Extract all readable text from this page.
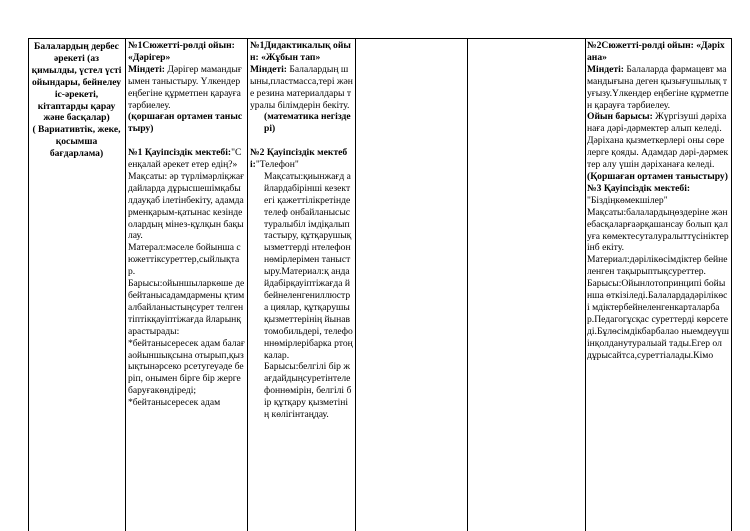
Балалардың дербес
әрекеті (аз
қимылды, үстел үсті
ойындары, бейнелеу
іс-әрекеті,
кітаптарды қарау
және басқалар)
( Вариативтік, жеке,
қосымша
бағдарлама)
№1Сюжетті-рөлді ойын: «Дәрігер»
Міндеті: Дәрігер мамандығымен таныстыру. Үлкендер еңбегіне құрметпен қарауға тәрбиелеу.
(қоршаған ортамен таныстыру)
№1 Қауіпсіздік мектебі:"Сенқалай әрекет етер едің?»
Мақсаты: әр түрлімәрліқжағдайларда дұрысшешімқабылдауқаб ілетінбекіту, адамдарменқарым-қатынас кезінде олардың мінез-құлқын бақылау.
Матерал:мәселе бойынша сюжеттіксуреттер,сыйлықтар.
Барысы:ойыншыларкөше дебейтаныcадамдармены қтималбайланыстыңсурет телгентіптікқауіптіжағда йларынқарастырады:
*бейтанысересек адам балағаойыншықсына отырып,қызықтынәрсеко рсетугеуәде беріп, онымен бірге бір жерге баруғакөндіреді;
*бейтанысересек адам
№1Дидактикалық ойын: «Жұбын тап»
Міндеті: Балалардың шыны,пластмасса,тері және резина материалдары туралы білімдерін бекіту.
(математика негіздері)
№2 Қауіпсіздік мектебі:"Телефон"
Мақсаты:қиынжағд айлардабірінші кезектегі қажеттілікретіндетелеф онбайланыcыстуралыбіл імдіқалыптастыру, құтқарушықызметтерді нтелефоннөмірлерімен таныстыру.Материал:қ андайдабірқауіптіжағда йбейнеленгениллюстра циялар, құтқарушықызметтерінің йынавтомобильдері, телефоннөмірлерібарка ртоңкалар.
Барысы:белгілі бір жағдайдыңсуретінтеле фоннөмірін, белгілі бір құтқару қызметінің көлігінтаңдау.
№2Сюжетті-рөлді ойын: «Дәріхана»
Міндеті: Балаларда фармацевт мамандығына деген қызығушылық туғызу.Үлкендер еңбегіне құрметпен қарауға тәрбиелеу.
Ойын барысы: Жүргізуші дәріханаға дәрі-дәрмектер алып келеді. Дәріхана қызметкерлері оны сөрелерге қояды. Адамдар дәрі-дәрмектер алу үшін дәріханаға келеді.
(Қоршаған ортамен таныстыру)
№3 Қауіпсіздік мектебі:
"Біздіңкөмекшілер"
Мақсаты:балалардыңөздеріне жәнебасқаларғаәрқашансау болып қалуға көмектесуталуралыттүсініктерінб екіту.
Материал:дәрілікөсімдіктер бейнеленген тақырыптықсуреттер.
Барысы:Ойынлотопринципі бойынша өткізіледі.Балалардадәрілікөсі мдіктербейнеленгенкарталарба р.Педагогұсқас суреттерді көрсетеді.Бұлөсімдікбарбалао ныемдеуүшінқолданутуралыай тады.Егер ол дұрысайтса,суреттіалады.Кімо
